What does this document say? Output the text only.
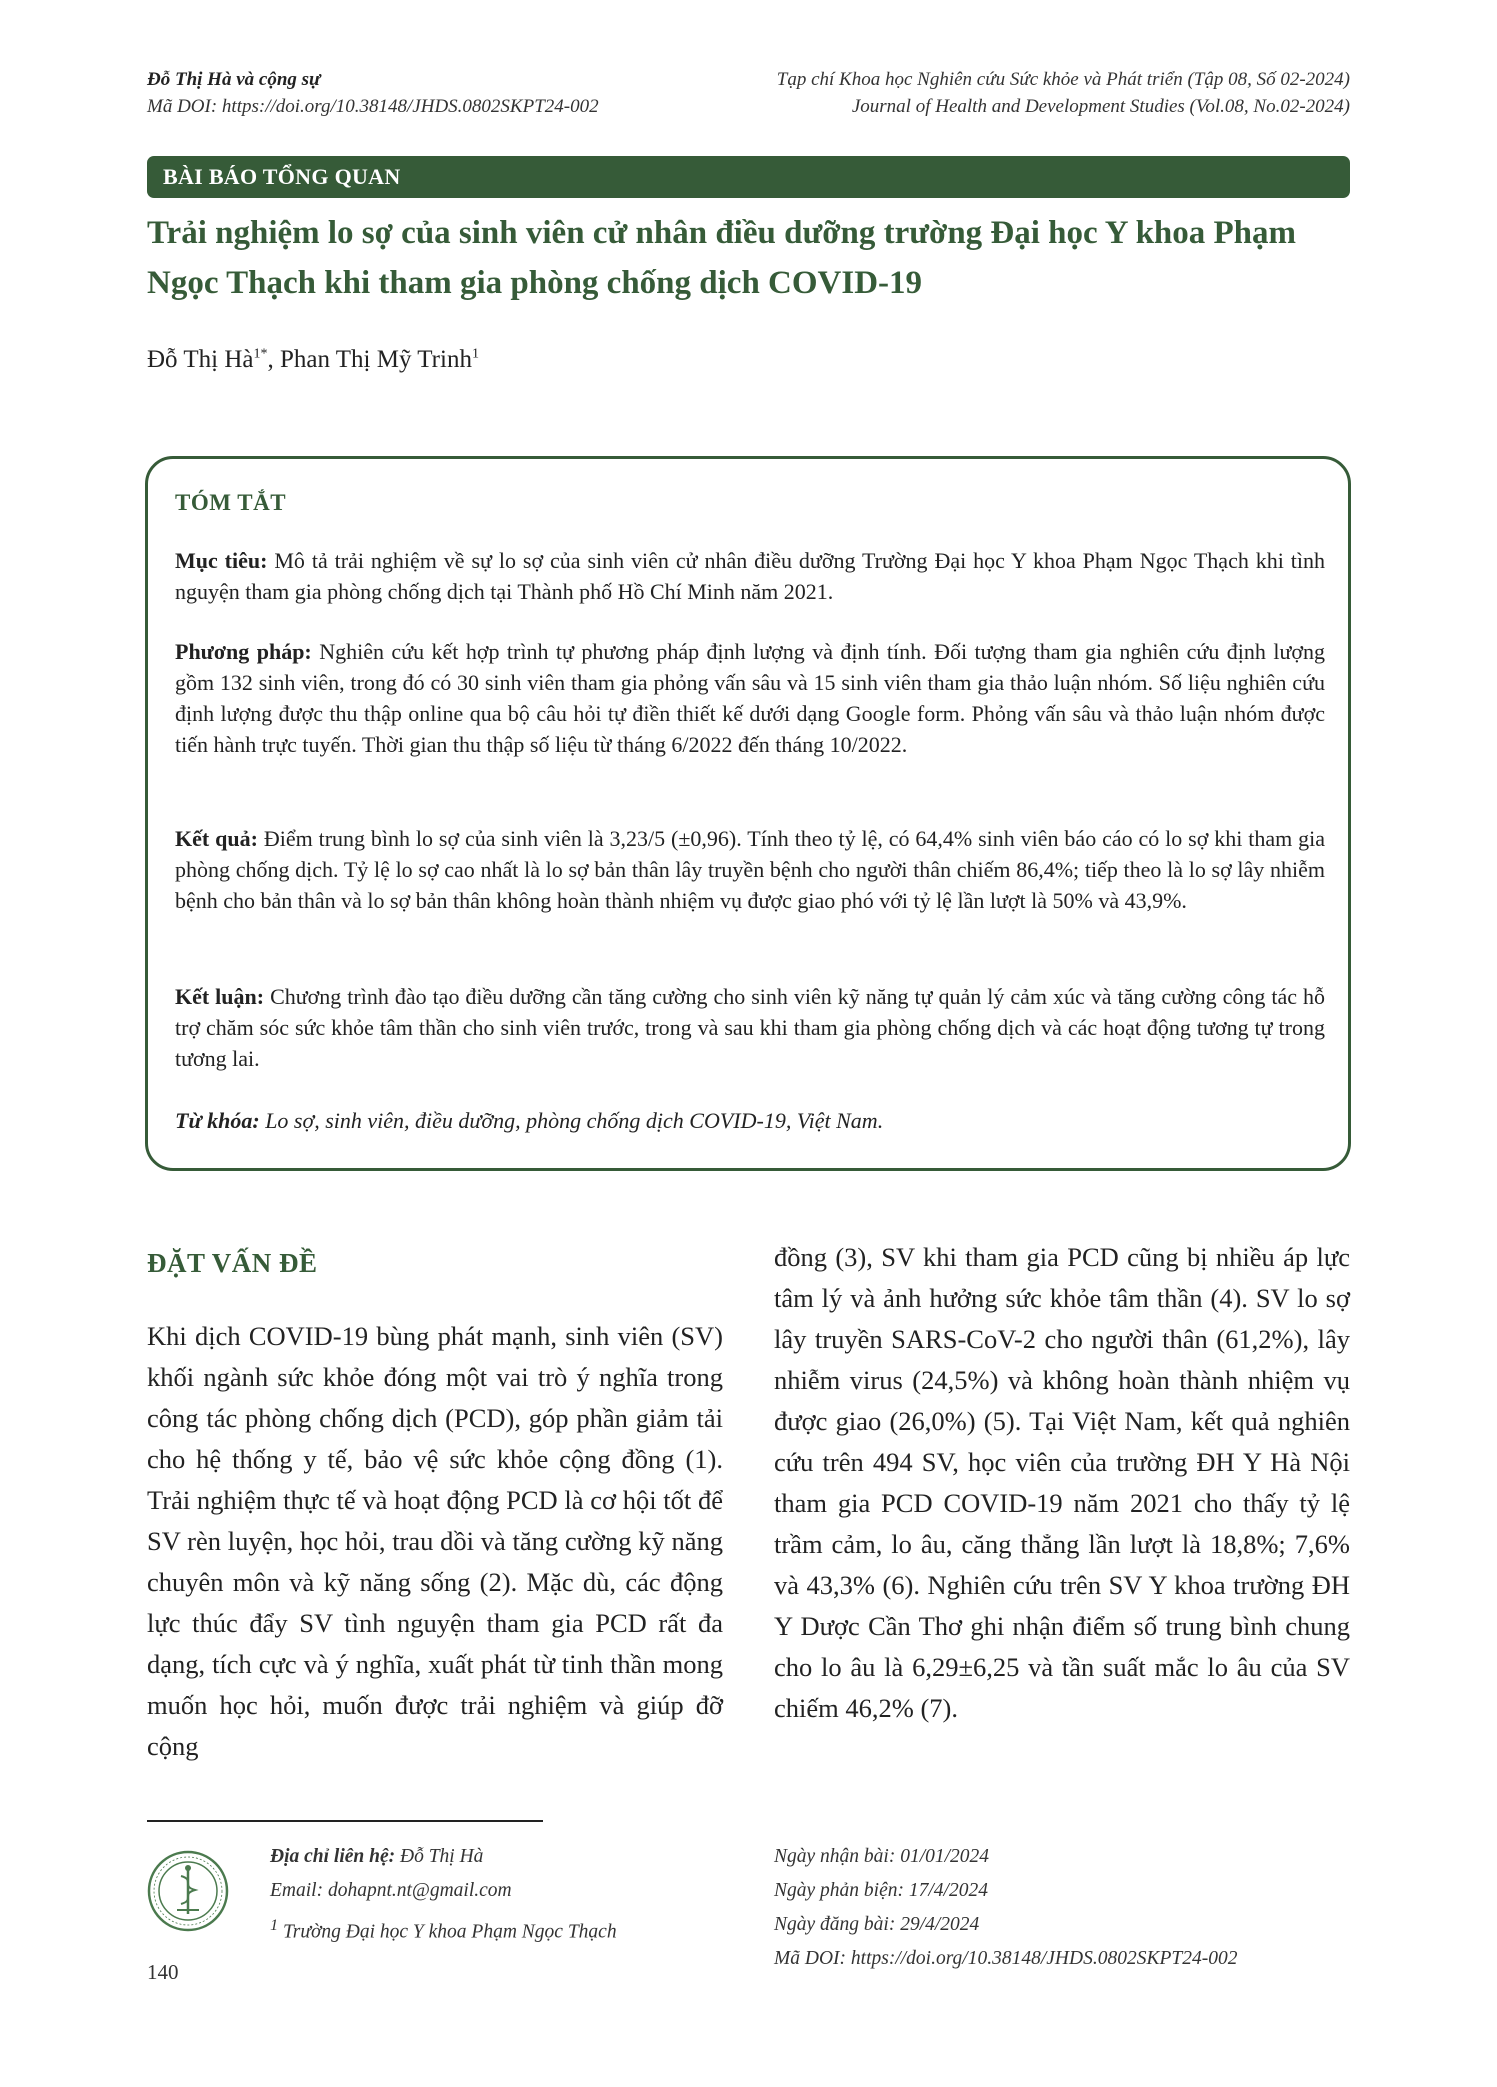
Đỗ Thị Hà và cộng sự
Mã DOI: https://doi.org/10.38148/JHDS.0802SKPT24-002
Tạp chí Khoa học Nghiên cứu Sức khỏe và Phát triển (Tập 08, Số 02-2024)
Journal of Health and Development Studies (Vol.08, No.02-2024)
BÀI BÁO TỔNG QUAN
Trải nghiệm lo sợ của sinh viên cử nhân điều dưỡng trường Đại học Y khoa Phạm Ngọc Thạch khi tham gia phòng chống dịch COVID-19
Đỗ Thị $Hà^{1*}$, Phan Thị Mỹ Trinh$^1$
TÓM TẮT
Mục tiêu: Mô tả trải nghiệm về sự lo sợ của sinh viên cử nhân điều dưỡng Trường Đại học Y khoa Phạm Ngọc Thạch khi tình nguyện tham gia phòng chống dịch tại Thành phố Hồ Chí Minh năm 2021.
Phương pháp: Nghiên cứu kết hợp trình tự phương pháp định lượng và định tính. Đối tượng tham gia nghiên cứu định lượng gồm 132 sinh viên, trong đó có 30 sinh viên tham gia phỏng vấn sâu và 15 sinh viên tham gia thảo luận nhóm. Số liệu nghiên cứu định lượng được thu thập online qua bộ câu hỏi tự điền thiết kế dưới dạng Google form. Phỏng vấn sâu và thảo luận nhóm được tiến hành trực tuyến. Thời gian thu thập số liệu từ tháng 6/2022 đến tháng 10/2022.
Kết quả: Điểm trung bình lo sợ của sinh viên là 3,23/5 (±0,96). Tính theo tỷ lệ, có 64,4% sinh viên báo cáo có lo sợ khi tham gia phòng chống dịch. Tỷ lệ lo sợ cao nhất là lo sợ bản thân lây truyền bệnh cho người thân chiếm 86,4%; tiếp theo là lo sợ lây nhiễm bệnh cho bản thân và lo sợ bản thân không hoàn thành nhiệm vụ được giao phó với tỷ lệ lần lượt là 50% và 43,9%.
Kết luận: Chương trình đào tạo điều dưỡng cần tăng cường cho sinh viên kỹ năng tự quản lý cảm xúc và tăng cường công tác hỗ trợ chăm sóc sức khỏe tâm thần cho sinh viên trước, trong và sau khi tham gia phòng chống dịch và các hoạt động tương tự trong tương lai.
Từ khóa: Lo sợ, sinh viên, điều dưỡng, phòng chống dịch COVID-19, Việt Nam.
ĐẶT VẤN ĐỀ
Khi dịch COVID-19 bùng phát mạnh, sinh viên (SV) khối ngành sức khỏe đóng một vai trò ý nghĩa trong công tác phòng chống dịch (PCD), góp phần giảm tải cho hệ thống y tế, bảo vệ sức khỏe cộng đồng (1). Trải nghiệm thực tế và hoạt động PCD là cơ hội tốt để SV rèn luyện, học hỏi, trau dồi và tăng cường kỹ năng chuyên môn và kỹ năng sống (2). Mặc dù, các động lực thúc đẩy SV tình nguyện tham gia PCD rất đa dạng, tích cực và ý nghĩa, xuất phát từ tinh thần mong muốn học hỏi, muốn được trải nghiệm và giúp đỡ cộng
đồng (3), SV khi tham gia PCD cũng bị nhiều áp lực tâm lý và ảnh hưởng sức khỏe tâm thần (4). SV lo sợ lây truyền SARS-CoV-2 cho người thân (61,2%), lây nhiễm virus (24,5%) và không hoàn thành nhiệm vụ được giao (26,0%) (5). Tại Việt Nam, kết quả nghiên cứu trên 494 SV, học viên của trường ĐH Y Hà Nội tham gia PCD COVID-19 năm 2021 cho thấy tỷ lệ trầm cảm, lo âu, căng thẳng lần lượt là 18,8%; 7,6% và 43,3% (6). Nghiên cứu trên SV Y khoa trường ĐH Y Dược Cần Thơ ghi nhận điểm số trung bình chung cho lo âu là 6,29±6,25 và tần suất mắc lo âu của SV chiếm 46,2% (7).
Địa chỉ liên hệ: Đỗ Thị Hà
Email: dohapnt.nt@gmail.com
$^1$ Trường Đại học Y khoa Phạm Ngọc Thạch
Ngày nhận bài: 01/01/2024
Ngày phản biện: 17/4/2024
Ngày đăng bài: 29/4/2024
Mã DOI: https://doi.org/10.38148/JHDS.0802SKPT24-002
140
